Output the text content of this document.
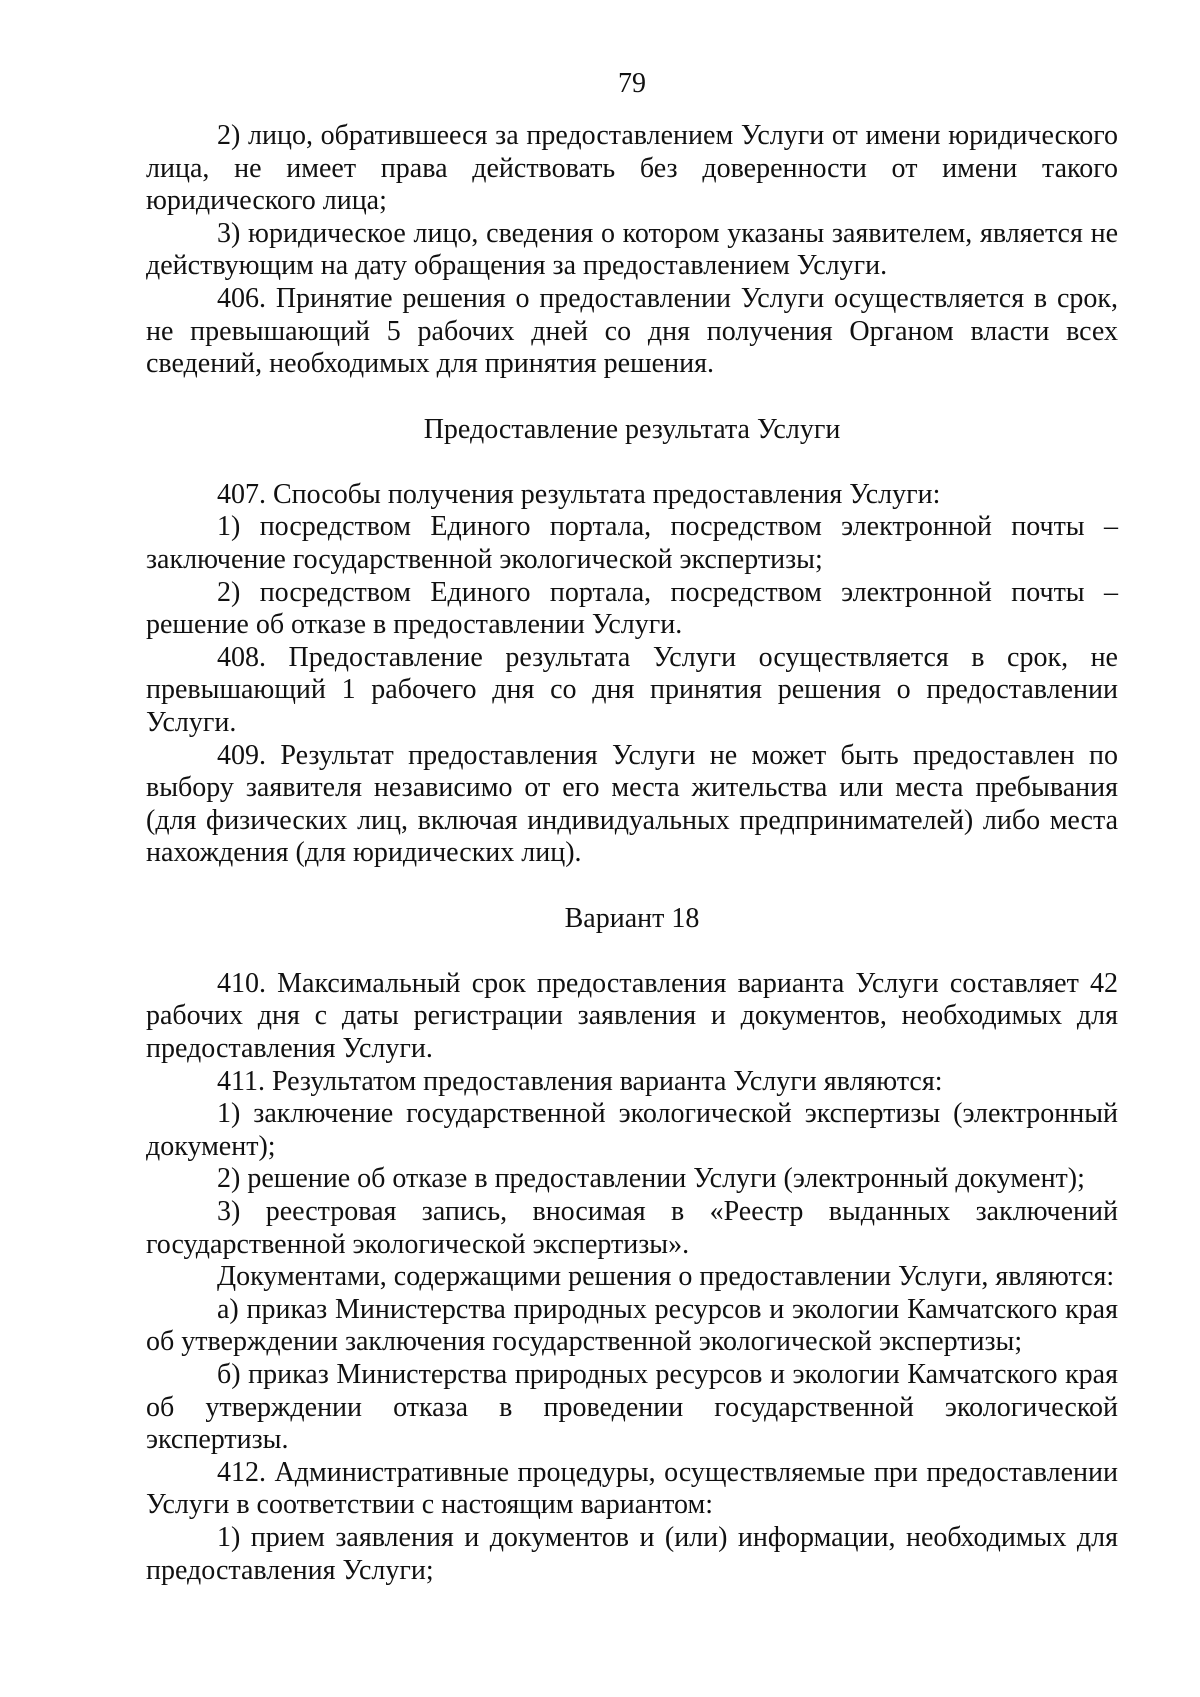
79

2) лицо, обратившееся за предоставлением Услуги от имени юридического лица, не имеет права действовать без доверенности от имени такого юридического лица;

3) юридическое лицо, сведения о котором указаны заявителем, является не действующим на дату обращения за предоставлением Услуги.

406. Принятие решения о предоставлении Услуги осуществляется в срок, не превышающий 5 рабочих дней со дня получения Органом власти всех сведений, необходимых для принятия решения.

Предоставление результата Услуги

407. Способы получения результата предоставления Услуги:

1) посредством Единого портала, посредством электронной почты – заключение государственной экологической экспертизы;

2) посредством Единого портала, посредством электронной почты – решение об отказе в предоставлении Услуги.

408. Предоставление результата Услуги осуществляется в срок, не превышающий 1 рабочего дня со дня принятия решения о предоставлении Услуги.

409. Результат предоставления Услуги не может быть предоставлен по выбору заявителя независимо от его места жительства или места пребывания (для физических лиц, включая индивидуальных предпринимателей) либо места нахождения (для юридических лиц).

Вариант 18

410. Максимальный срок предоставления варианта Услуги составляет 42 рабочих дня с даты регистрации заявления и документов, необходимых для предоставления Услуги.

411. Результатом предоставления варианта Услуги являются:

1) заключение государственной экологической экспертизы (электронный документ);

2) решение об отказе в предоставлении Услуги (электронный документ);

3) реестровая запись, вносимая в «Реестр выданных заключений государственной экологической экспертизы».

Документами, содержащими решения о предоставлении Услуги, являются:

а) приказ Министерства природных ресурсов и экологии Камчатского края об утверждении заключения государственной экологической экспертизы;

б) приказ Министерства природных ресурсов и экологии Камчатского края об утверждении отказа в проведении государственной экологической экспертизы.

412. Административные процедуры, осуществляемые при предоставлении Услуги в соответствии с настоящим вариантом:

1) прием заявления и документов и (или) информации, необходимых для предоставления Услуги;
